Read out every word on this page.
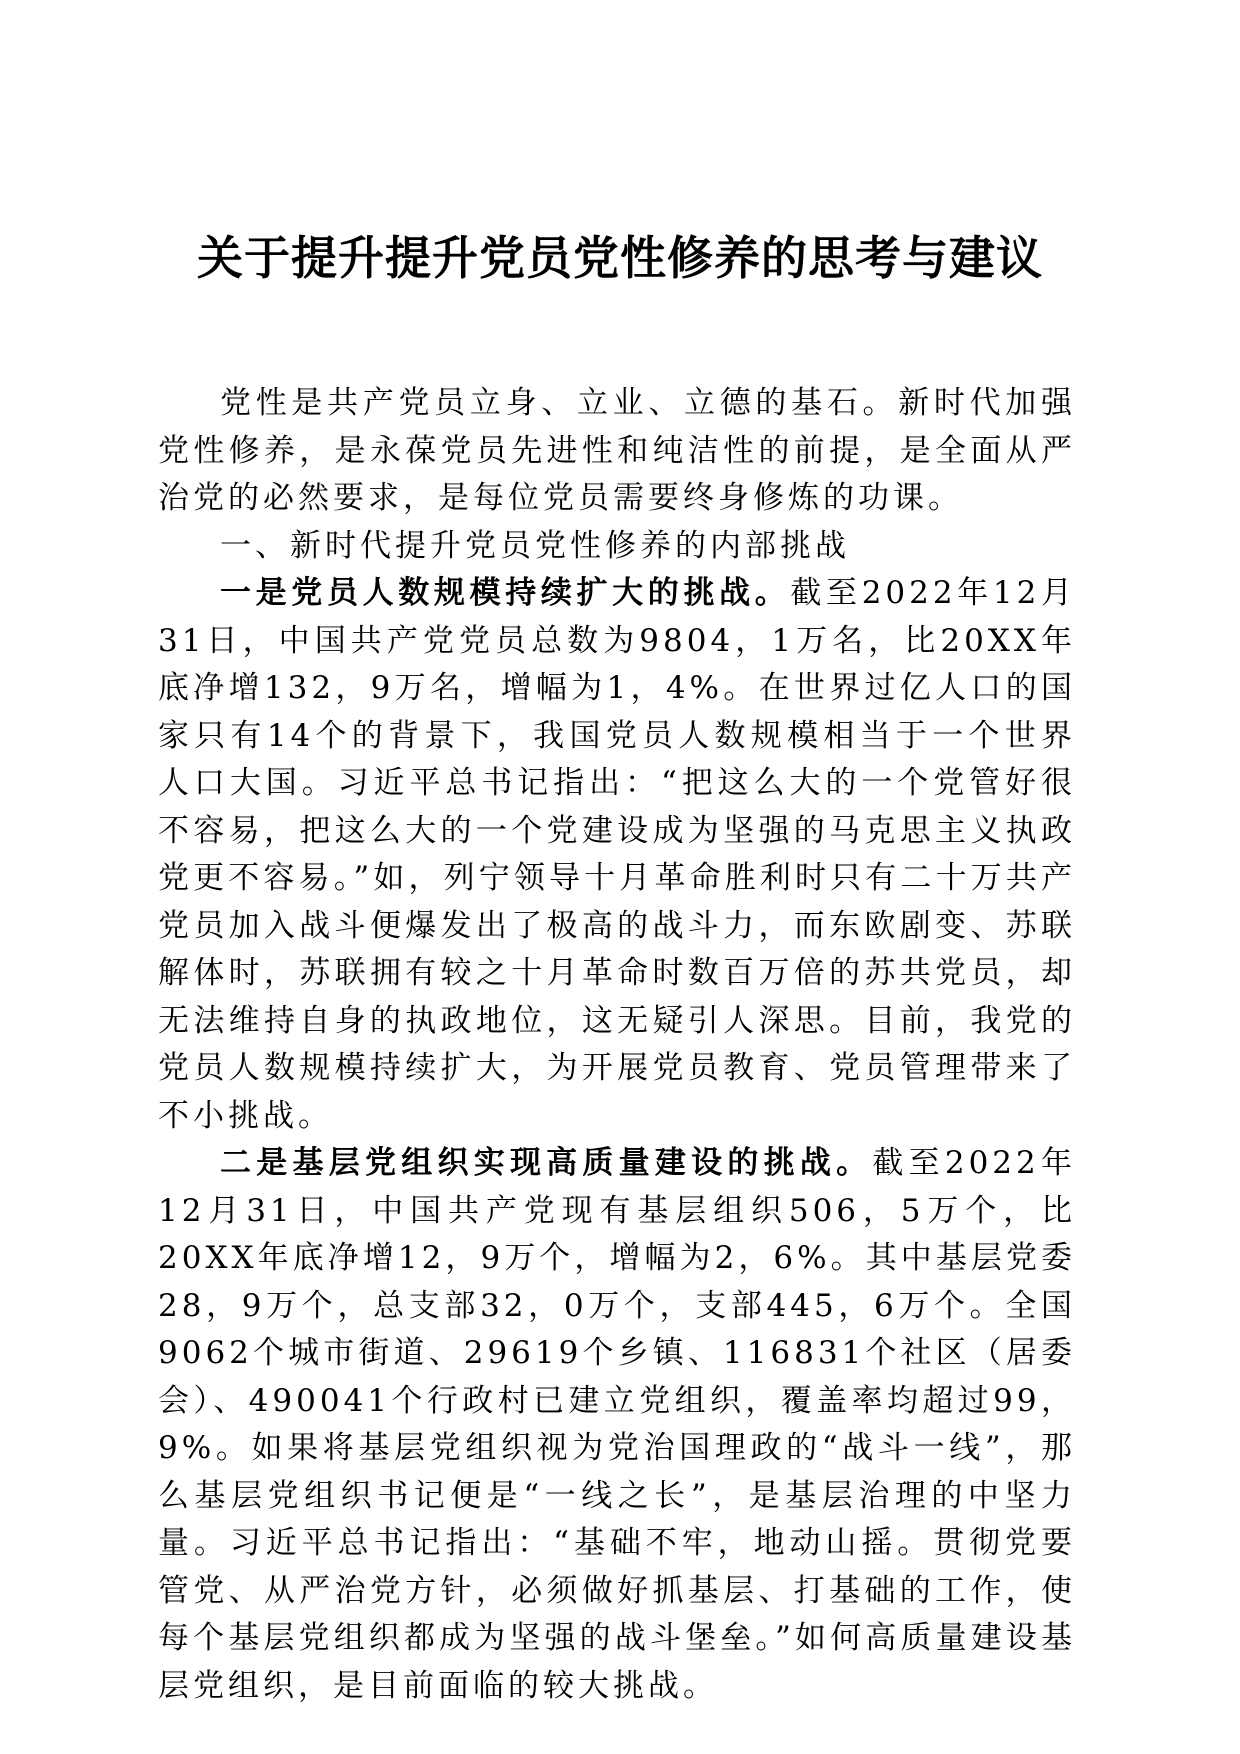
关于提升提升党员党性修养的思考与建议

党性是共产党员立身、立业、立德的基石。新时代加强党性修养，是永葆党员先进性和纯洁性的前提，是全面从严治党的必然要求，是每位党员需要终身修炼的功课。

一、新时代提升党员党性修养的内部挑战

一是党员人数规模持续扩大的挑战。截至2022年12月31日，中国共产党党员总数为9804，1万名，比20XX年底净增132，9万名，增幅为1，4%。在世界过亿人口的国家只有14个的背景下，我国党员人数规模相当于一个世界人口大国。习近平总书记指出：“把这么大的一个党管好很不容易，把这么大的一个党建设成为坚强的马克思主义执政党更不容易。”如，列宁领导十月革命胜利时只有二十万共产党员加入战斗便爆发出了极高的战斗力，而东欧剧变、苏联解体时，苏联拥有较之十月革命时数百万倍的苏共党员，却无法维持自身的执政地位，这无疑引人深思。目前，我党的党员人数规模持续扩大，为开展党员教育、党员管理带来了不小挑战。

二是基层党组织实现高质量建设的挑战。截至2022年12月31日，中国共产党现有基层组织506，5万个，比20XX年底净增12，9万个，增幅为2，6%。其中基层党委28，9万个，总支部32，0万个，支部445，6万个。全国9062个城市街道、29619个乡镇、116831个社区（居委会）、490041个行政村已建立党组织，覆盖率均超过99，9%。如果将基层党组织视为党治国理政的“战斗一线”，那么基层党组织书记便是“一线之长”，是基层治理的中坚力量。习近平总书记指出：“基础不牢，地动山摇。贯彻党要管党、从严治党方针，必须做好抓基层、打基础的工作，使每个基层党组织都成为坚强的战斗堡垒。”如何高质量建设基层党组织，是目前面临的较大挑战。
